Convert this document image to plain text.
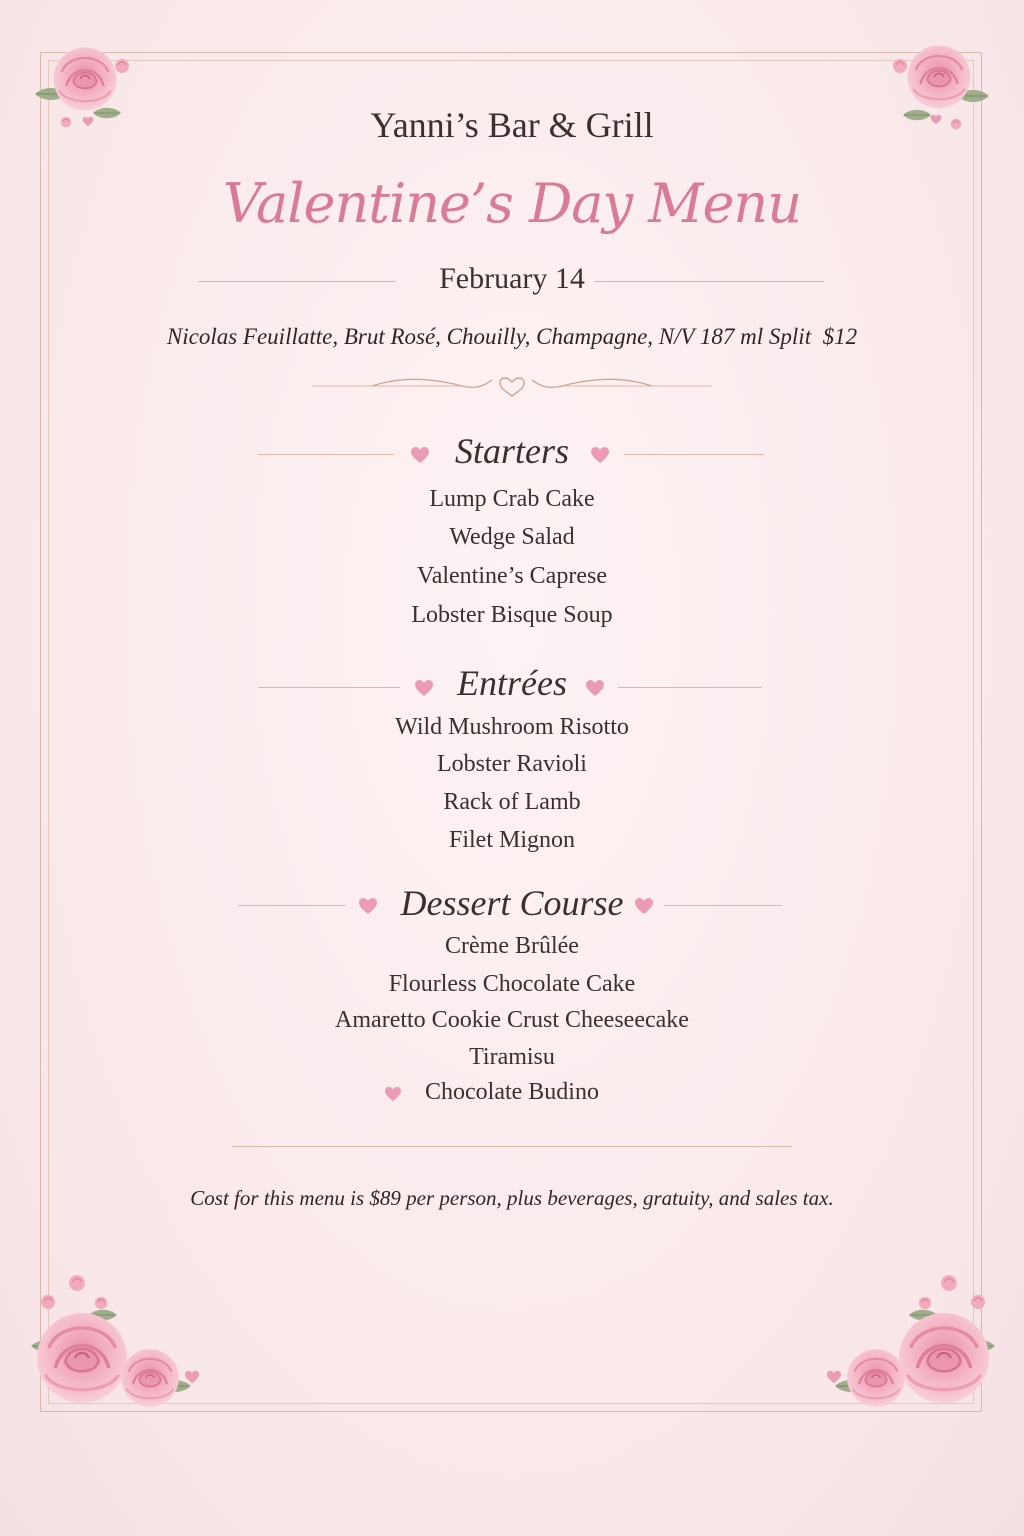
Yanni’s Bar & Grill
Valentine’s Day Menu
February 14
Nicolas Feuillatte, Brut Rosé, Chouilly, Champagne, N/V 187 ml Split $12
Starters
Lump Crab Cake
Wedge Salad
Valentine’s Caprese
Lobster Bisque Soup
Entrées
Wild Mushroom Risotto
Lobster Ravioli
Rack of Lamb
Filet Mignon
Dessert Course
Crème Brûlée
Flourless Chocolate Cake
Amaretto Cookie Crust Cheeseecake
Tiramisu
Chocolate Budino
Cost for this menu is $89 per person, plus beverages, gratuity, and sales tax.
